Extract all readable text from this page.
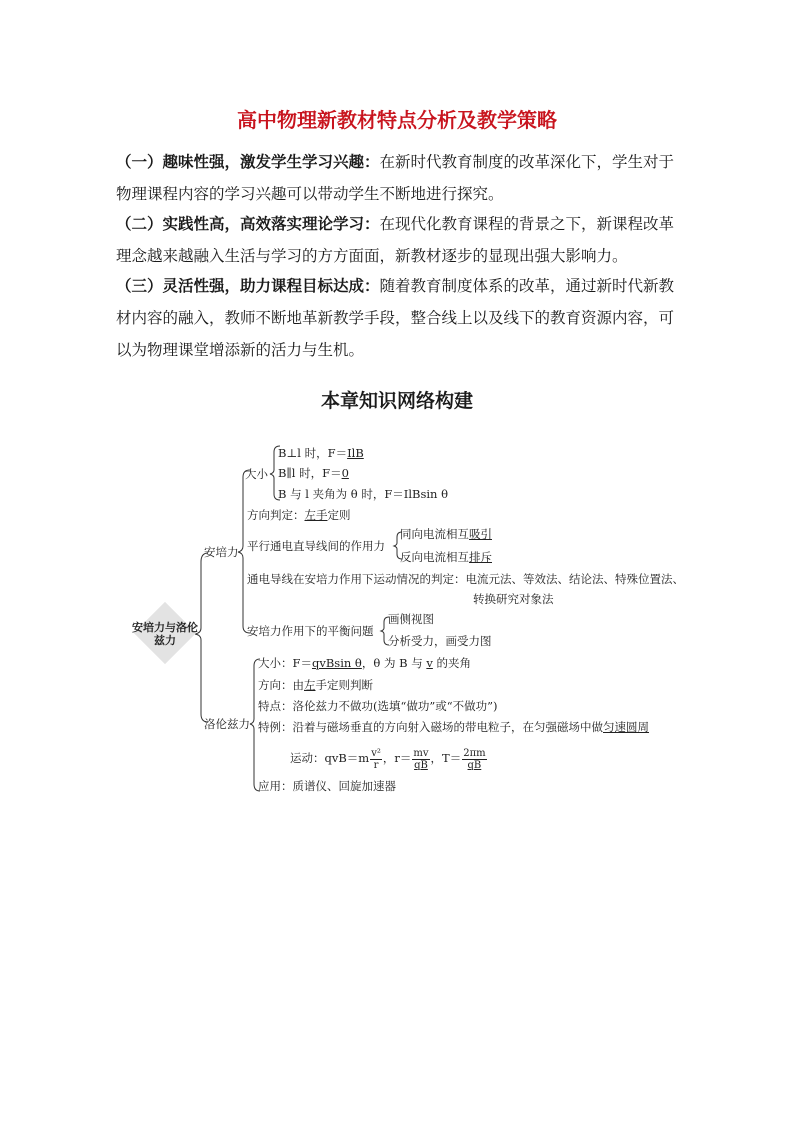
高中物理新教材特点分析及教学策略

（一）趣味性强，激发学生学习兴趣：在新时代教育制度的改革深化下，学生对于物理课程内容的学习兴趣可以带动学生不断地进行探究。

（二）实践性高，高效落实理论学习：在现代化教育课程的背景之下，新课程改革理念越来越融入生活与学习的方方面面，新教材逐步的显现出强大影响力。

（三）灵活性强，助力课程目标达成：随着教育制度体系的改革，通过新时代新教材内容的融入，教师不断地革新教学手段，整合线上以及线下的教育资源内容，可以为物理课堂增添新的活力与生机。

本章知识网络构建
安培力与洛伦兹力
安培力
大小
B⊥l 时，F＝IlB
B∥l 时，F＝0
B 与 l 夹角为 θ 时，F＝IlBsin θ
方向判定：左手定则
平行通电直导线间的作用力
同向电流相互吸引
反向电流相互排斥
通电导线在安培力作用下运动情况的判定：电流元法、等效法、结论法、特殊位置法、
转换研究对象法
安培力作用下的平衡问题
画侧视图
分析受力，画受力图
洛伦兹力
大小：F＝qvBsin θ，θ 为 B 与 v 的夹角
方向：由左手定则判断
特点：洛伦兹力不做功(选填“做功”或“不做功”)
特例：沿着与磁场垂直的方向射入磁场的带电粒子，在匀强磁场中做匀速圆周
运动：$qvB=m \frac{\text{v²}}{r}$ ，$r= \frac{mv}{qB}$ ，$T= \frac{2\pi m}{qB}$
应用：质谱仪、回旋加速器
